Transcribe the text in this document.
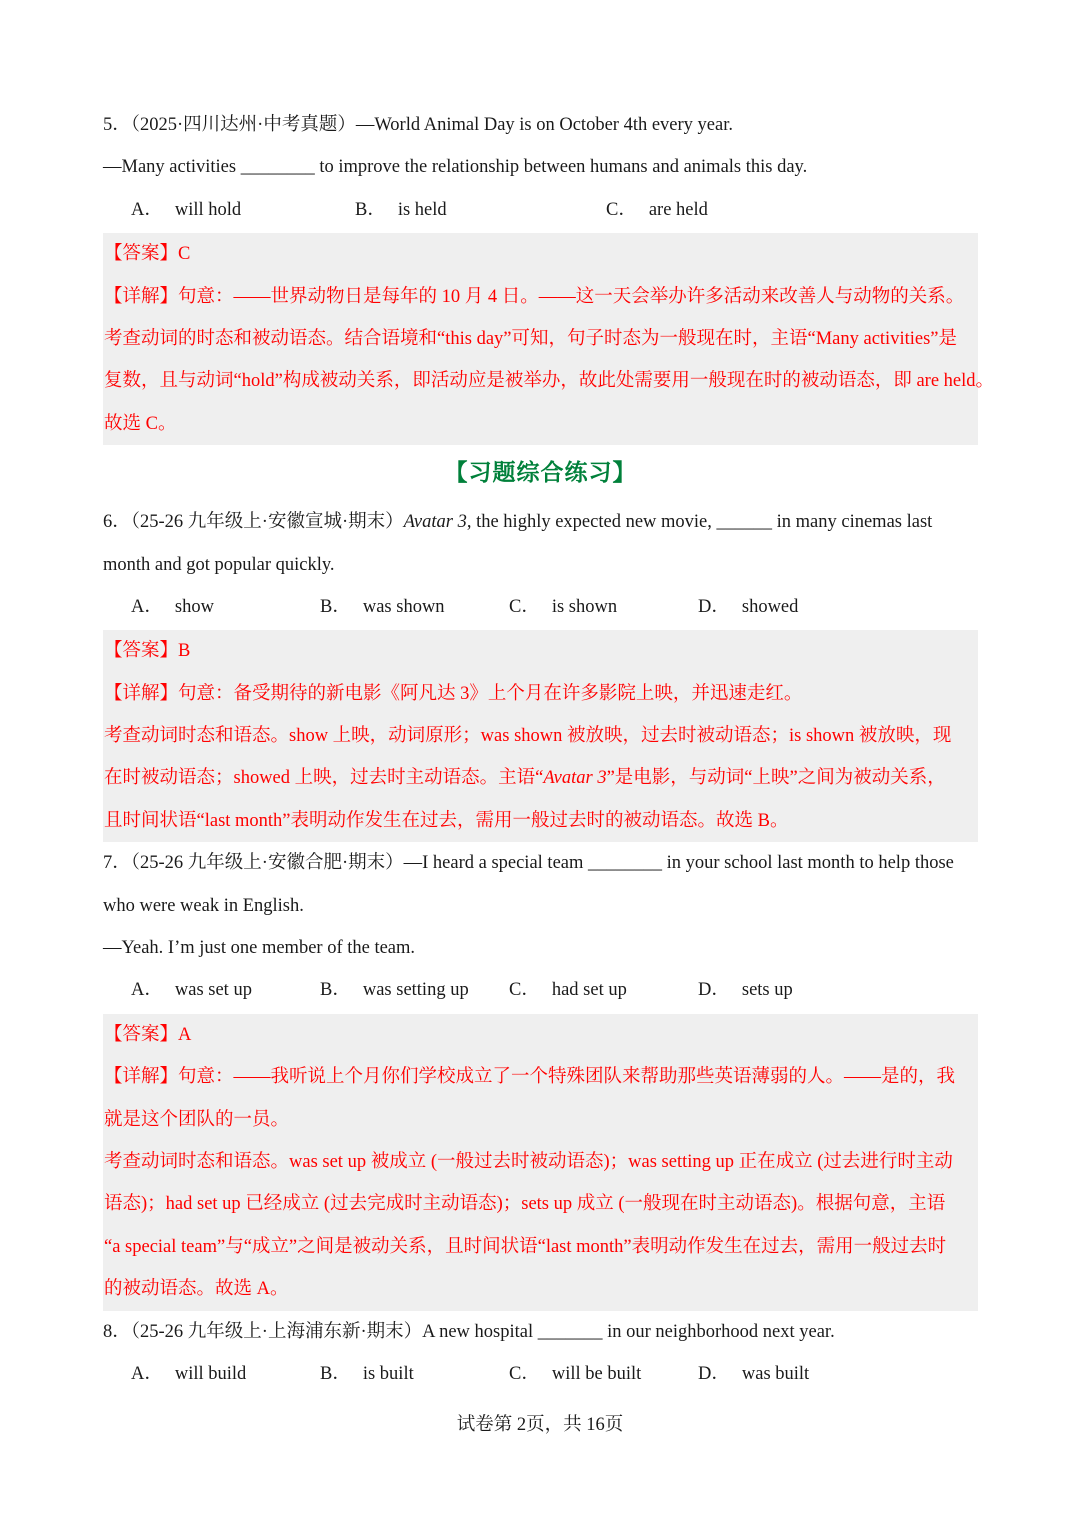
5．（2025·四川达州·中考真题）—World Animal Day is on October 4th every year.
—Many activities ________ to improve the relationship between humans and animals this day.
A． will hold	B． is held	C． are held
【答案】C
【详解】句意：——世界动物日是每年的 10 月 4 日。——这一天会举办许多活动来改善人与动物的关系。
考查动词的时态和被动语态。结合语境和“this day”可知，句子时态为一般现在时，主语“Many activities”是
复数，且与动词“hold”构成被动关系，即活动应是被举办，故此处需要用一般现在时的被动语态，即 are held。
故选 C。
【习题综合练习】
6．（25-26 九年级上·安徽宣城·期末）Avatar 3, the highly expected new movie, ______ in many cinemas last
month and got popular quickly.
A． show	B． was shown	C． is shown	D． showed
【答案】B
【详解】句意：备受期待的新电影《阿凡达 3》上个月在许多影院上映，并迅速走红。
考查动词时态和语态。show 上映，动词原形；was shown 被放映，过去时被动语态；is shown 被放映，现
在时被动语态；showed 上映，过去时主动语态。主语“Avatar 3”是电影，与动词“上映”之间为被动关系，
且时间状语“last month”表明动作发生在过去，需用一般过去时的被动语态。故选 B。
7．（25-26 九年级上·安徽合肥·期末）—I heard a special team ________ in your school last month to help those
who were weak in English.
—Yeah. I’m just one member of the team.
A． was set up	B． was setting up C． had set up	D． sets up
【答案】A
【详解】句意：——我听说上个月你们学校成立了一个特殊团队来帮助那些英语薄弱的人。——是的，我
就是这个团队的一员。
考查动词时态和语态。was set up 被成立 (一般过去时被动语态)；was setting up 正在成立 (过去进行时主动
语态)；had set up 已经成立 (过去完成时主动语态)；sets up 成立 (一般现在时主动语态)。根据句意，主语
“a special team”与“成立”之间是被动关系，且时间状语“last month”表明动作发生在过去，需用一般过去时
的被动语态。故选 A。
8．（25-26 九年级上·上海浦东新·期末）A new hospital _______ in our neighborhood next year.
A． will build	B． is built	C． will be built	D． was built
试卷第 2页，共 16页
